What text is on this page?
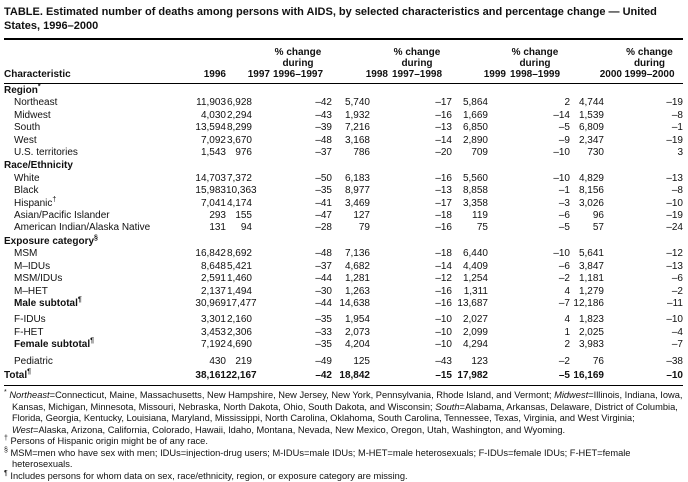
TABLE. Estimated number of deaths among persons with AIDS, by selected characteristics and percentage change — United States, 1996–2000
Characteristic	1996	1997	
% change
during
1996–1997	1998	
% change
during
1997–1998	1999	
% change
during
1998–1999	2000	
% change
during
1999–2000

Region*
Northeast	11,903	6,928	–42	5,740	–17	5,864	2	4,744	–19
Midwest	4,030	2,294	–43	1,932	–16	1,669	–14	1,539	–8
South	13,594	8,299	–39	7,216	–13	6,850	–5	6,809	–1
West	7,092	3,670	–48	3,168	–14	2,890	–9	2,347	–19
U.S. territories	1,543	976	–37	786	–20	709	–10	730	3
Race/Ethnicity									
White	14,703	7,372	–50	6,183	–16	5,560	–10	4,829	–13
Black	15,983	10,363	–35	8,977	–13	8,858	–1	8,156	–8
Hispanic†	7,041	4,174	–41	3,469	–17	3,358	–3	3,026	–10
Asian/Pacific Islander	293	155	–47	127	–18	119	–6	96	–19
American Indian/Alaska Native	131	94	–28	79	–16	75	–5	57	–24
Exposure category§
MSM	16,842	8,692	–48	7,136	–18	6,440	–10	5,641	–12
M–IDUs	8,648	5,421	–37	4,682	–14	4,409	–6	3,847	–13
MSM/IDUs	2,591	1,460	–44	1,281	–12	1,254	–2	1,181	–6
M–HET	2,137	1,494	–30	1,263	–16	1,311	4	1,279	–2
Male subtotal¶	30,969	17,477	–44	14,638	–16	13,687	–7	12,186	–11
F-IDUs	3,301	2,160	–35	1,954	–10	2,027	4	1,823	–10
F-HET	3,453	2,306	–33	2,073	–10	2,099	1	2,025	–4
Female subtotal¶	7,192	4,690	–35	4,204	–10	4,294	2	3,983	–7
Pediatric	430	219	–49	125	–43	123	–2	76	–38
Total¶	38,161	22,167	–42	18,842	–15	17,982	–5	16,169	–10
* Northeast=Connecticut, Maine, Massachusetts, New Hampshire, New Jersey, New York, Pennsylvania, Rhode Island, and Vermont; Midwest=Illinois, Indiana, Iowa, Kansas, Michigan, Minnesota, Missouri, Nebraska, North Dakota, Ohio, South Dakota, and Wisconsin; South=Alabama, Arkansas, Delaware, District of Columbia, Florida, Georgia, Kentucky, Louisiana, Maryland, Mississippi, North Carolina, Oklahoma, South Carolina, Tennessee, Texas, Virginia, and West Virginia; West=Alaska, Arizona, California, Colorado, Hawaii, Idaho, Montana, Nevada, New Mexico, Oregon, Utah, Washington, and Wyoming.
† Persons of Hispanic origin might be of any race.
§ MSM=men who have sex with men; IDUs=injection-drug users; M-IDUs=male IDUs; M-HET=male heterosexuals; F-IDUs=female IDUs; F-HET=female heterosexuals.
¶ Includes persons for whom data on sex, race/ethnicity, region, or exposure category are missing.
